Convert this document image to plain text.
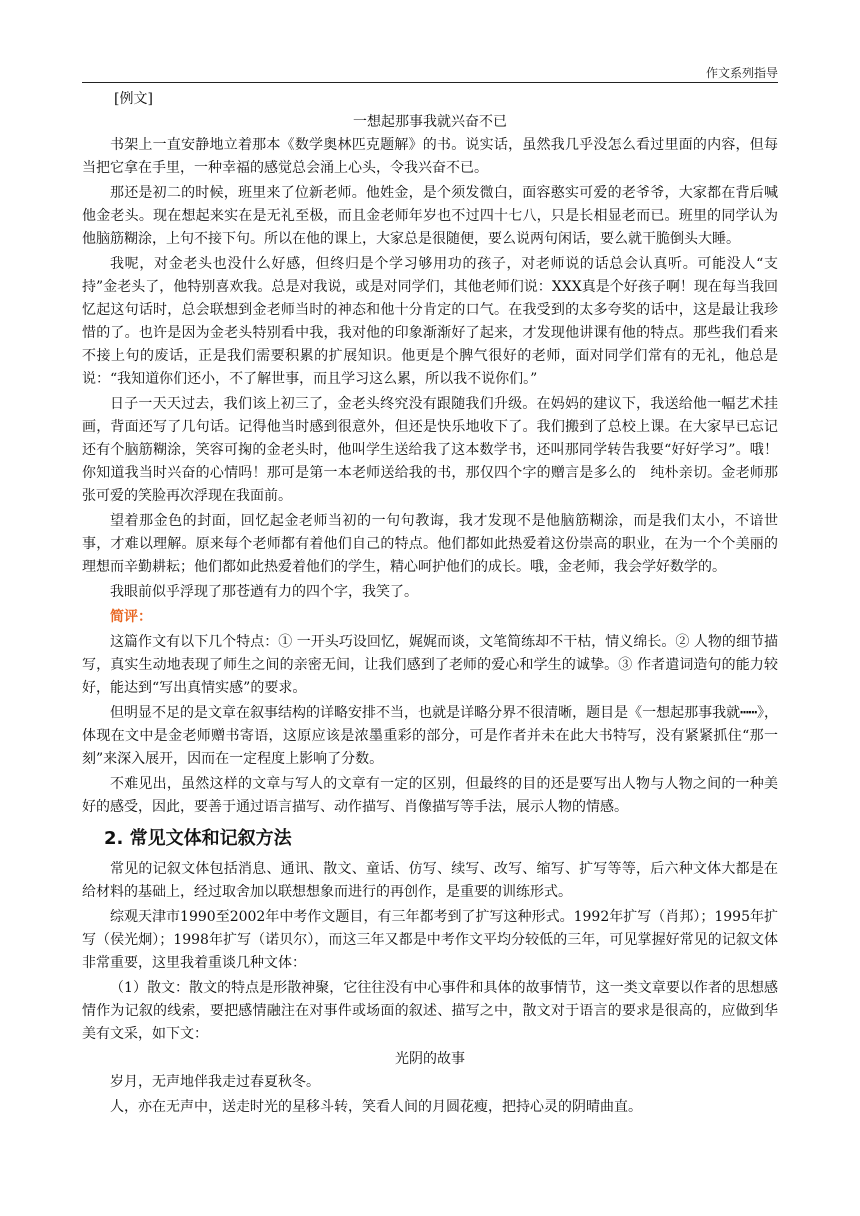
作文系列指导

[例文]

一想起那事我就兴奋不已

书架上一直安静地立着那本《数学奥林匹克题解》的书。说实话，虽然我几乎没怎么看过里面的内容，但每当把它拿在手里，一种幸福的感觉总会涌上心头，令我兴奋不已。

那还是初二的时候，班里来了位新老师。他姓金，是个须发微白，面容憨实可爱的老爷爷，大家都在背后喊他金老头。现在想起来实在是无礼至极，而且金老师年岁也不过四十七八，只是长相显老而已。班里的同学认为他脑筋糊涂，上句不接下句。所以在他的课上，大家总是很随便，要么说两句闲话，要么就干脆倒头大睡。

我呢，对金老头也没什么好感，但终归是个学习够用功的孩子，对老师说的话总会认真听。可能没人“支持”金老头了，他特别喜欢我。总是对我说，或是对同学们，其他老师们说：XXX真是个好孩子啊！现在每当我回忆起这句话时，总会联想到金老师当时的神态和他十分肯定的口气。在我受到的太多夸奖的话中，这是最让我珍惜的了。也许是因为金老头特别看中我，我对他的印象渐渐好了起来，才发现他讲课有他的特点。那些我们看来不接上句的废话，正是我们需要积累的扩展知识。他更是个脾气很好的老师，面对同学们常有的无礼，他总是说：“我知道你们还小，不了解世事，而且学习这么累，所以我不说你们。”

日子一天天过去，我们该上初三了，金老头终究没有跟随我们升级。在妈妈的建议下，我送给他一幅艺术挂画，背面还写了几句话。记得他当时感到很意外，但还是快乐地收下了。我们搬到了总校上课。在大家早已忘记还有个脑筋糊涂，笑容可掬的金老头时，他叫学生送给我了这本数学书，还叫那同学转告我要“好好学习”。哦！你知道我当时兴奋的心情吗！那可是第一本老师送给我的书，那仅四个字的赠言是多么的　纯朴亲切。金老师那张可爱的笑脸再次浮现在我面前。

望着那金色的封面，回忆起金老师当初的一句句教诲，我才发现不是他脑筋糊涂，而是我们太小，不谙世事，才难以理解。原来每个老师都有着他们自己的特点。他们都如此热爱着这份崇高的职业，在为一个个美丽的理想而辛勤耕耘；他们都如此热爱着他们的学生，精心呵护他们的成长。哦，金老师，我会学好数学的。

我眼前似乎浮现了那苍遒有力的四个字，我笑了。

简评：

这篇作文有以下几个特点：① 一开头巧设回忆，娓娓而谈，文笔简练却不干枯，情义绵长。② 人物的细节描写，真实生动地表现了师生之间的亲密无间，让我们感到了老师的爱心和学生的诚挚。③ 作者遣词造句的能力较好，能达到“写出真情实感”的要求。

但明显不足的是文章在叙事结构的详略安排不当，也就是详略分界不很清晰，题目是《一想起那事我就┅┅》，体现在文中是金老师赠书寄语，这原应该是浓墨重彩的部分，可是作者并未在此大书特写，没有紧紧抓住“那一刻”来深入展开，因而在一定程度上影响了分数。

不难见出，虽然这样的文章与写人的文章有一定的区别，但最终的目的还是要写出人物与人物之间的一种美好的感受，因此，要善于通过语言描写、动作描写、肖像描写等手法，展示人物的情感。

2. 常见文体和记叙方法

常见的记叙文体包括消息、通讯、散文、童话、仿写、续写、改写、缩写、扩写等等，后六种文体大都是在给材料的基础上，经过取舍加以联想想象而进行的再创作，是重要的训练形式。

综观天津市1990至2002年中考作文题目，有三年都考到了扩写这种形式。1992年扩写（肖邦）；1995年扩写（侯光炯）；1998年扩写（诺贝尔），而这三年又都是中考作文平均分较低的三年，可见掌握好常见的记叙文体非常重要，这里我着重谈几种文体：

（1）散文：散文的特点是形散神聚，它往往没有中心事件和具体的故事情节，这一类文章要以作者的思想感情作为记叙的线索，要把感情融注在对事件或场面的叙述、描写之中，散文对于语言的要求是很高的，应做到华美有文采，如下文：

光阴的故事

岁月，无声地伴我走过春夏秋冬。

人，亦在无声中，送走时光的星移斗转，笑看人间的月圆花瘦，把持心灵的阴晴曲直。
